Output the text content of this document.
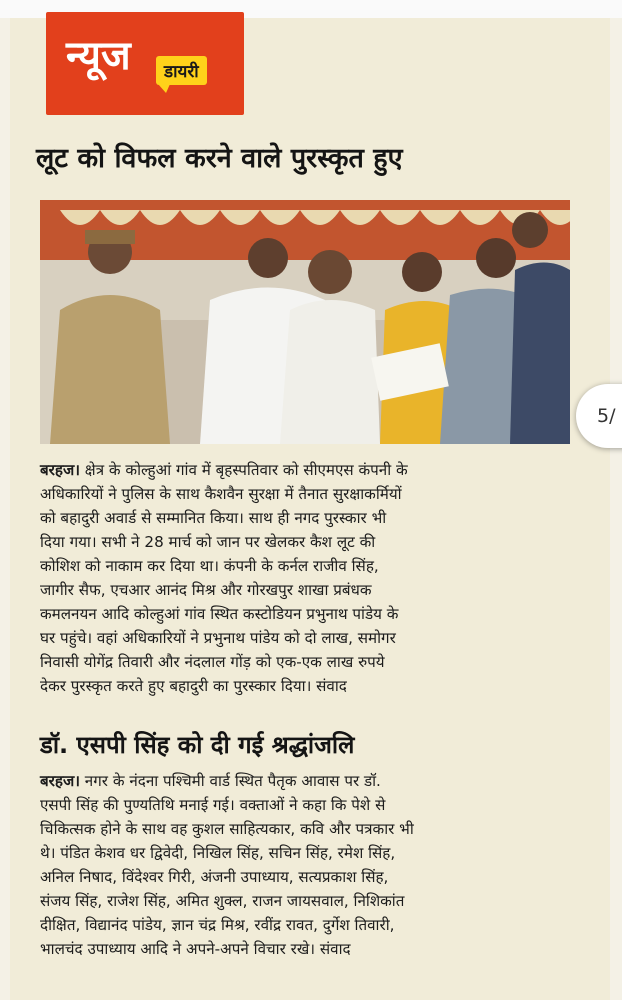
न्यूज	डायरी
लूट को विफल करने वाले पुरस्कृत हुए
5/
बरहज। क्षेत्र के कोल्हुआं गांव में बृहस्पतिवार को सीएमएस कंपनी के
अधिकारियों ने पुलिस के साथ कैशवैन सुरक्षा में तैनात सुरक्षाकर्मियों
को बहादुरी अवार्ड से सम्मानित किया। साथ ही नगद पुरस्कार भी
दिया गया। सभी ने 28 मार्च को जान पर खेलकर कैश लूट की
कोशिश को नाकाम कर दिया था। कंपनी के कर्नल राजीव सिंह,
जागीर सैफ, एचआर आनंद मिश्र और गोरखपुर शाखा प्रबंधक
कमलनयन आदि कोल्हुआं गांव स्थित कस्टोडियन प्रभुनाथ पांडेय के
घर पहुंचे। वहां अधिकारियों ने प्रभुनाथ पांडेय को दो लाख, समोगर
निवासी योगेंद्र तिवारी और नंदलाल गोंड़ को एक-एक लाख रुपये
देकर पुरस्कृत करते हुए बहादुरी का पुरस्कार दिया। संवाद
डॉ. एसपी सिंह को दी गई श्रद्धांजलि
बरहज। नगर के नंदना पश्चिमी वार्ड स्थित पैतृक आवास पर डॉ.
एसपी सिंह की पुण्यतिथि मनाई गई। वक्ताओं ने कहा कि पेशे से
चिकित्सक होने के साथ वह कुशल साहित्यकार, कवि और पत्रकार भी
थे। पंडित केशव धर द्विवेदी, निखिल सिंह, सचिन सिंह, रमेश सिंह,
अनिल निषाद, विंदेश्वर गिरी, अंजनी उपाध्याय, सत्यप्रकाश सिंह,
संजय सिंह, राजेश सिंह, अमित शुक्ल, राजन जायसवाल, निशिकांत
दीक्षित, विद्यानंद पांडेय, ज्ञान चंद्र मिश्र, रवींद्र रावत, दुर्गेश तिवारी,
भालचंद उपाध्याय आदि ने अपने-अपने विचार रखे। संवाद
